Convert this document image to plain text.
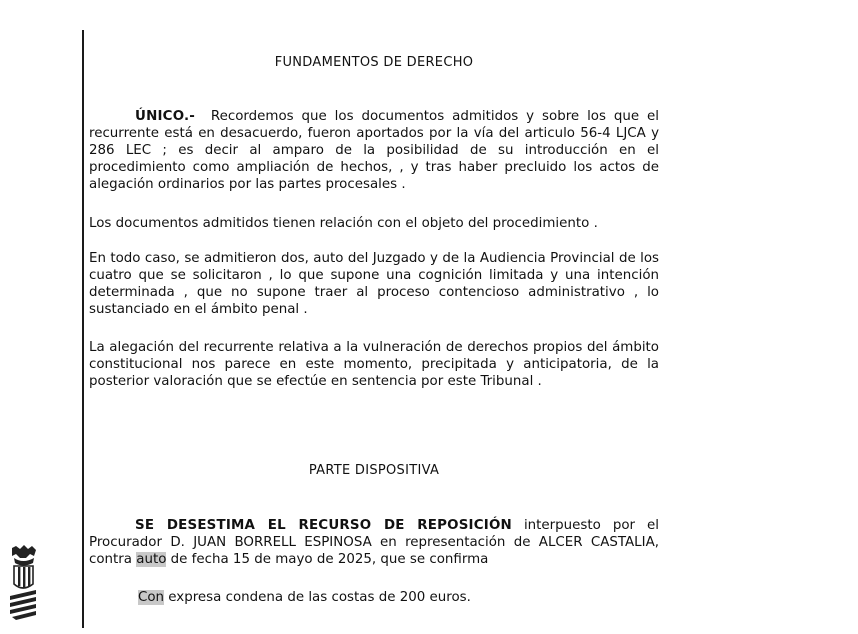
FUNDAMENTOS DE DERECHO

ÚNICO.- Recordemos que los documentos admitidos y sobre los que el recurrente está en desacuerdo, fueron aportados por la vía del articulo 56-4 LJCA y 286 LEC ; es decir al amparo de la posibilidad de su introducción en el procedimiento como ampliación de hechos, , y tras haber precluido los actos de alegación ordinarios por las partes procesales .

Los documentos admitidos tienen relación con el objeto del procedimiento .

En todo caso, se admitieron dos, auto del Juzgado y de la Audiencia Provincial de los cuatro que se solicitaron , lo que supone una cognición limitada y una intención determinada , que no supone traer al proceso contencioso administrativo , lo sustanciado en el ámbito penal .

La alegación del recurrente relativa a la vulneración de derechos propios del ámbito constitucional nos parece en este momento, precipitada y anticipatoria, de la posterior valoración que se efectúe en sentencia por este Tribunal .

PARTE DISPOSITIVA

SE DESESTIMA EL RECURSO DE REPOSICIÓN interpuesto por el Procurador D. JUAN BORRELL ESPINOSA en representación de ALCER CASTALIA, contra auto de fecha 15 de mayo de 2025, que se confirma

Con expresa condena de las costas de 200 euros.
